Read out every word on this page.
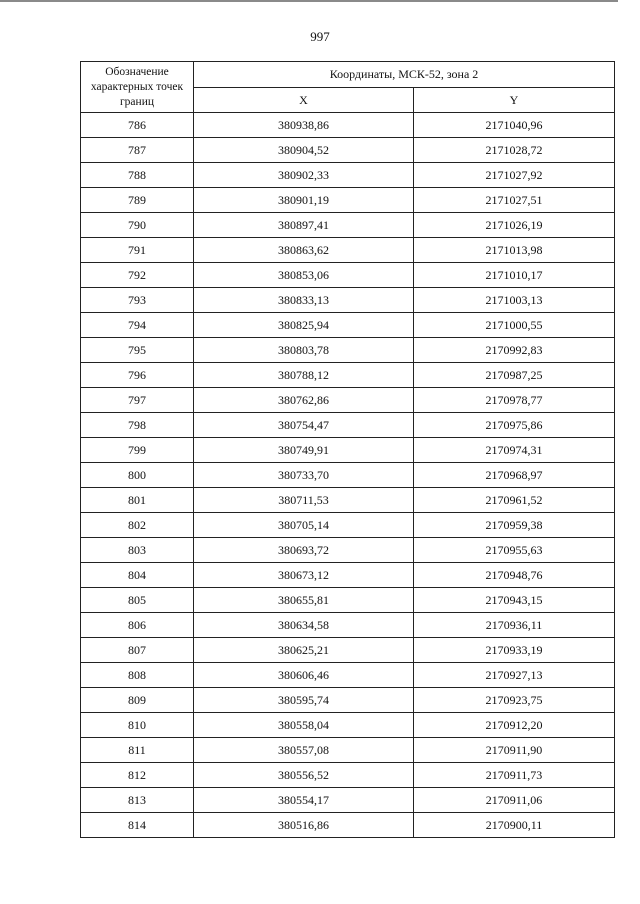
997
Обозначение характерных точек границ	Координаты, МСК-52, зона 2	
	X	Y
786	380938,86	2171040,96
787	380904,52	2171028,72
788	380902,33	2171027,92
789	380901,19	2171027,51
790	380897,41	2171026,19
791	380863,62	2171013,98
792	380853,06	2171010,17
793	380833,13	2171003,13
794	380825,94	2171000,55
795	380803,78	2170992,83
796	380788,12	2170987,25
797	380762,86	2170978,77
798	380754,47	2170975,86
799	380749,91	2170974,31
800	380733,70	2170968,97
801	380711,53	2170961,52
802	380705,14	2170959,38
803	380693,72	2170955,63
804	380673,12	2170948,76
805	380655,81	2170943,15
806	380634,58	2170936,11
807	380625,21	2170933,19
808	380606,46	2170927,13
809	380595,74	2170923,75
810	380558,04	2170912,20
811	380557,08	2170911,90
812	380556,52	2170911,73
813	380554,17	2170911,06
814	380516,86	2170900,11
